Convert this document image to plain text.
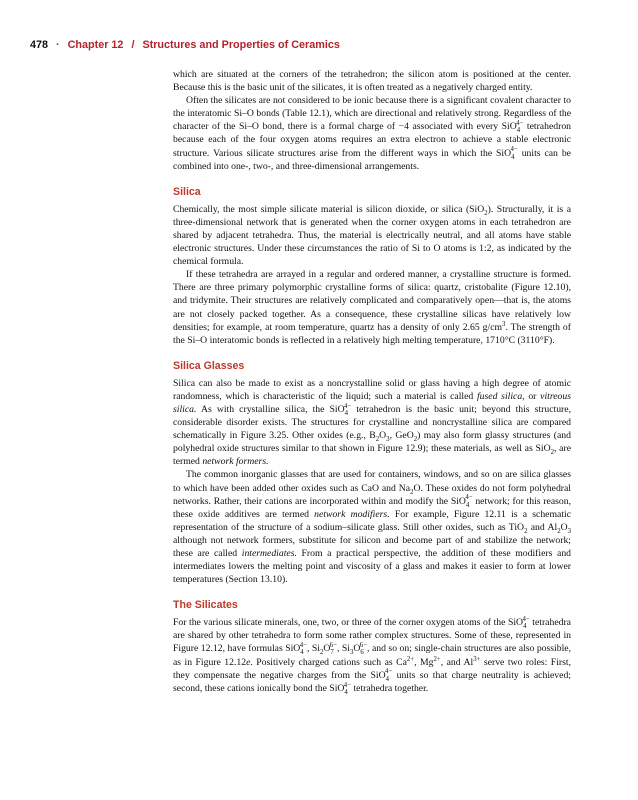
478 · Chapter 12 / Structures and Properties of Ceramics

which are situated at the corners of the tetrahedron; the silicon atom is positioned at the center. Because this is the basic unit of the silicates, it is often treated as a negatively charged entity.

Often the silicates are not considered to be ionic because there is a significant covalent character to the interatomic Si–O bonds (Table 12.1), which are directional and relatively strong. Regardless of the character of the Si–O bond, there is a formal charge of −4 associated with every SiO$_4^{4-}$ tetrahedron because each of the four oxygen atoms requires an extra electron to achieve a stable electronic structure. Various silicate structures arise from the different ways in which the SiO$_4^{4-}$ units can be combined into one-, two-, and three-dimensional arrangements.

Silica

Chemically, the most simple silicate material is silicon dioxide, or silica (SiO$_2$). Structurally, it is a three-dimensional network that is generated when the corner oxygen atoms in each tetrahedron are shared by adjacent tetrahedra. Thus, the material is electrically neutral, and all atoms have stable electronic structures. Under these circumstances the ratio of Si to O atoms is 1:2, as indicated by the chemical formula.

If these tetrahedra are arrayed in a regular and ordered manner, a crystalline structure is formed. There are three primary polymorphic crystalline forms of silica: quartz, cristobalite (Figure 12.10), and tridymite. Their structures are relatively complicated and comparatively open—that is, the atoms are not closely packed together. As a consequence, these crystalline silicas have relatively low densities; for example, at room temperature, quartz has a density of only 2.65 $g/cm^3$. The strength of the Si–O interatomic bonds is reflected in a relatively high melting temperature, 1710°C (3110°F).

Silica Glasses

Silica can also be made to exist as a noncrystalline solid or glass having a high degree of atomic randomness, which is characteristic of the liquid; such a material is called fused silica, or vitreous silica. As with crystalline silica, the SiO$_4^{4-}$ tetrahedron is the basic unit; beyond this structure, considerable disorder exists. The structures for crystalline and noncrystalline silica are compared schematically in Figure 3.25. Other oxides (e.g., $B_2O_3$, GeO$_2$) may also form glassy structures (and polyhedral oxide structures similar to that shown in Figure 12.9); these materials, as well as SiO$_2$, are termed network formers.

The common inorganic glasses that are used for containers, windows, and so on are silica glasses to which have been added other oxides such as CaO and $Na_2O$. These oxides do not form polyhedral networks. Rather, their cations are incorporated within and modify the SiO$_4^{4-}$ network; for this reason, these oxide additives are termed network modifiers. For example, Figure 12.11 is a schematic representation of the structure of a sodium–silicate glass. Still other oxides, such as TiO$_2$ and $Al_2O_3$ although not network formers, substitute for silicon and become part of and stabilize the network; these are called intermediates. From a practical perspective, the addition of these modifiers and intermediates lowers the melting point and viscosity of a glass and makes it easier to form at lower temperatures (Section 13.10).

The Silicates

For the various silicate minerals, one, two, or three of the corner oxygen atoms of the SiO$_4^{4-}$ tetrahedra are shared by other tetrahedra to form some rather complex structures. Some of these, represented in Figure 12.12, have formulas SiO$_4^{4-}$, $Si_2O_7^{6-}$, $Si_3O_6^{6-}$, and so on; single-chain structures are also possible, as in Figure 12.12e. Positively charged cations such as $Ca^{2+}$, $Mg^{2+}$, and $Al^{3+}$ serve two roles: First, they compensate the negative charges from the SiO$_4^{4-}$ units so that charge neutrality is achieved; second, these cations ionically bond the SiO$_4^{4-}$ tetrahedra together.
